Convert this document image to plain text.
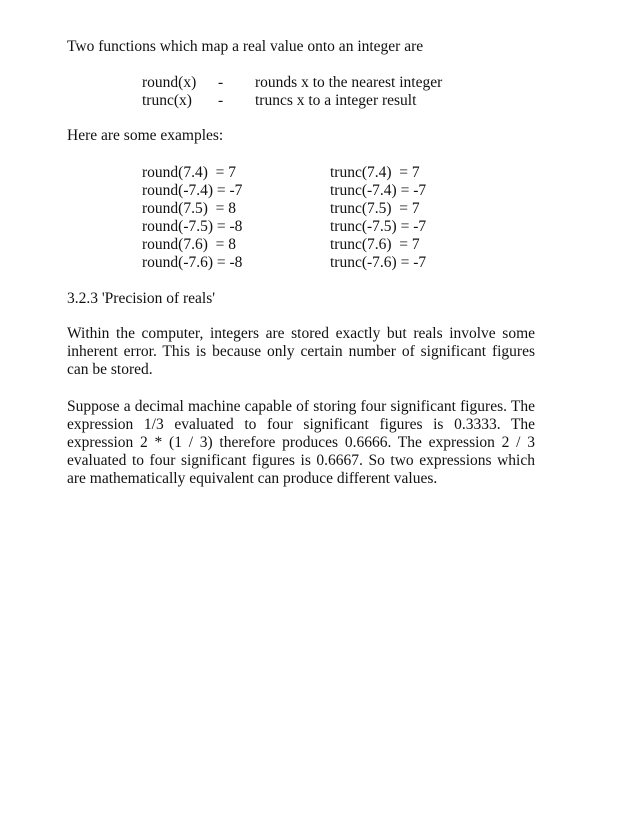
Two functions which map a real value onto an integer are
round(x) - rounds x to the nearest integer
trunc(x) - truncs x to a integer result
Here are some examples:
round(7.4)  = 7
round(-7.4) = -7
round(7.5)  = 8
round(-7.5) = -8
round(7.6)  = 8
round(-7.6) = -8
trunc(7.4)  = 7
trunc(-7.4) = -7
trunc(7.5)  = 7
trunc(-7.5) = -7
trunc(7.6)  = 7
trunc(-7.6) = -7
3.2.3 'Precision of reals'
Within the computer, integers are stored exactly but reals involve some inherent error. This is because only certain number of significant figures can be stored.
Suppose a decimal machine capable of storing four significant figures. The expression 1/3 evaluated to four significant figures is 0.3333. The expression 2 * (1 / 3) therefore produces 0.6666. The expression 2 / 3 evaluated to four significant figures is 0.6667. So two expressions which are mathematically equivalent can produce different values.
